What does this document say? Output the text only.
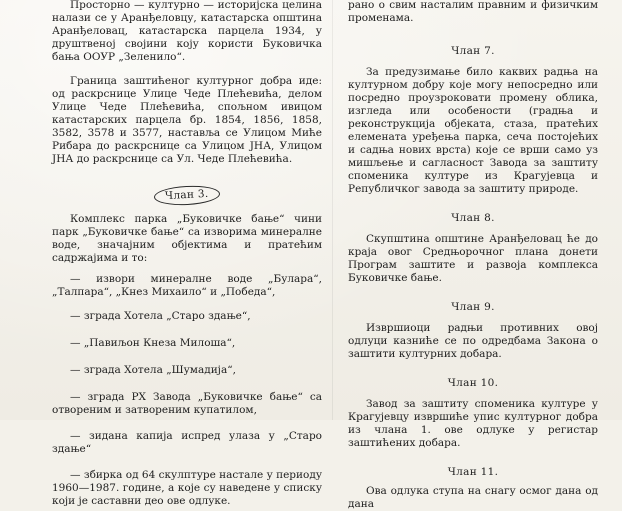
Просторно — културно — историјска целина налази се у Аранђеловцу, катастарска општина Аранђеловац, катастарска парцела 1934, у друштвеној својини коју користи Буковичка бања ООУР „Зеленило“.

Граница заштићеног културног добра иде: од раскрснице Улице Чеде Плећевића, делом Улице Чеде Плећевића, спољном ивицом катастарских парцела бр. 1854, 1856, 1858, 3582, 3578 и 3577, наставља се Улицом Миће Рибара до раскрснице са Улицом ЈНА, Улицом ЈНА до раскрснице са Ул. Чеде Плећевића.

Члан 3.

Комплекс парка „Буковичке бање“ чини парк „Буковичке бање“ са изворима минералне воде, значајним објектима и пратећим садржајима и то:

— извори минералне воде „Булара“, „Талпара“, „Кнез Михаило“ и „Победа“,

— зграда Хотела „Старо здање“,

— „Павиљон Кнеза Милоша“,

— зграда Хотела „Шумадија“,

— зграда РХ Завода „Буковичке бање“ са отвореним и затвореним купатилом,

— зидана капија испред улаза у „Старо здање“

— збирка од 64 скулптуре настале у периоду 1960—1987. године, а које су наведене у списку који је саставни део ове одлуке.

рано о свим насталим правним и физичким променама.

Члан 7.

За предузимање било каквих радња на културном добру које могу непосредно или посредно проузроковати промену облика, изгледа или особености (градња и реконструкција објеката, стаза, пратећих елемената уређења парка, сеча постојећих и садња нових врста) које се врши само уз мишљење и сагласност Завода за заштиту споменика културе из Крагујевца и Републичког завода за заштиту природе.

Члан 8.

Скупштина општине Аранђеловац ће до краја овог Средњорочног плана донети Програм заштите и развоја комплекса Буковичке бање.

Члан 9.

Извршиоци радњи противних овој одлуци казниће се по одредбама Закона о заштити културних добара.

Члан 10.

Завод за заштиту споменика културе у Крагујевцу извршиће упис културног добра из члана 1. ове одлуке у регистар заштићених добара.

Члан 11.

Ова одлука ступа на снагу осмог дана од дана
